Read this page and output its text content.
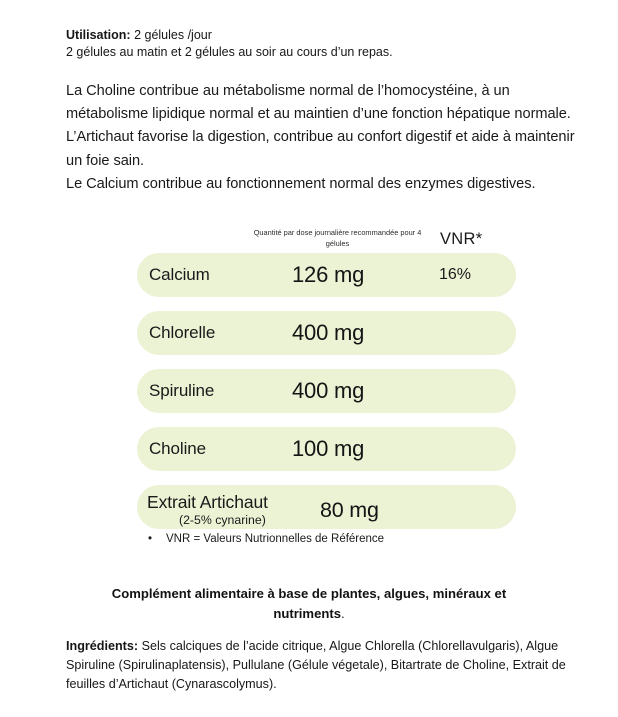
Utilisation: 2 gélules /jour
2 gélules au matin et 2 gélules au soir au cours d’un repas.

La Choline contribue au métabolisme normal de l’homocystéine, à un métabolisme lipidique normal et au maintien d’une fonction hépatique normale.

L’Artichaut favorise la digestion, contribue au confort digestif et aide à maintenir un foie sain.

Le Calcium contribue au fonctionnement normal des enzymes digestives.

Quantité par dose journalière recommandée pour 4 gélules	VNR*
Calcium	126 mg	16%
Chlorelle	400 mg
Spiruline	400 mg
Choline	100 mg
Extrait Artichaut
(2-5% cynarine)	80 mg
•	VNR = Valeurs Nutrionnelles de Référence
Complément alimentaire à base de plantes, algues, minéraux et nutriments.
Ingrédients: Sels calciques de l’acide citrique, Algue Chlorella (Chlorellavulgaris), Algue Spiruline (Spirulinaplatensis), Pullulane (Gélule végetale), Bitartrate de Choline, Extrait de feuilles d’Artichaut (Cynarascolymus).
